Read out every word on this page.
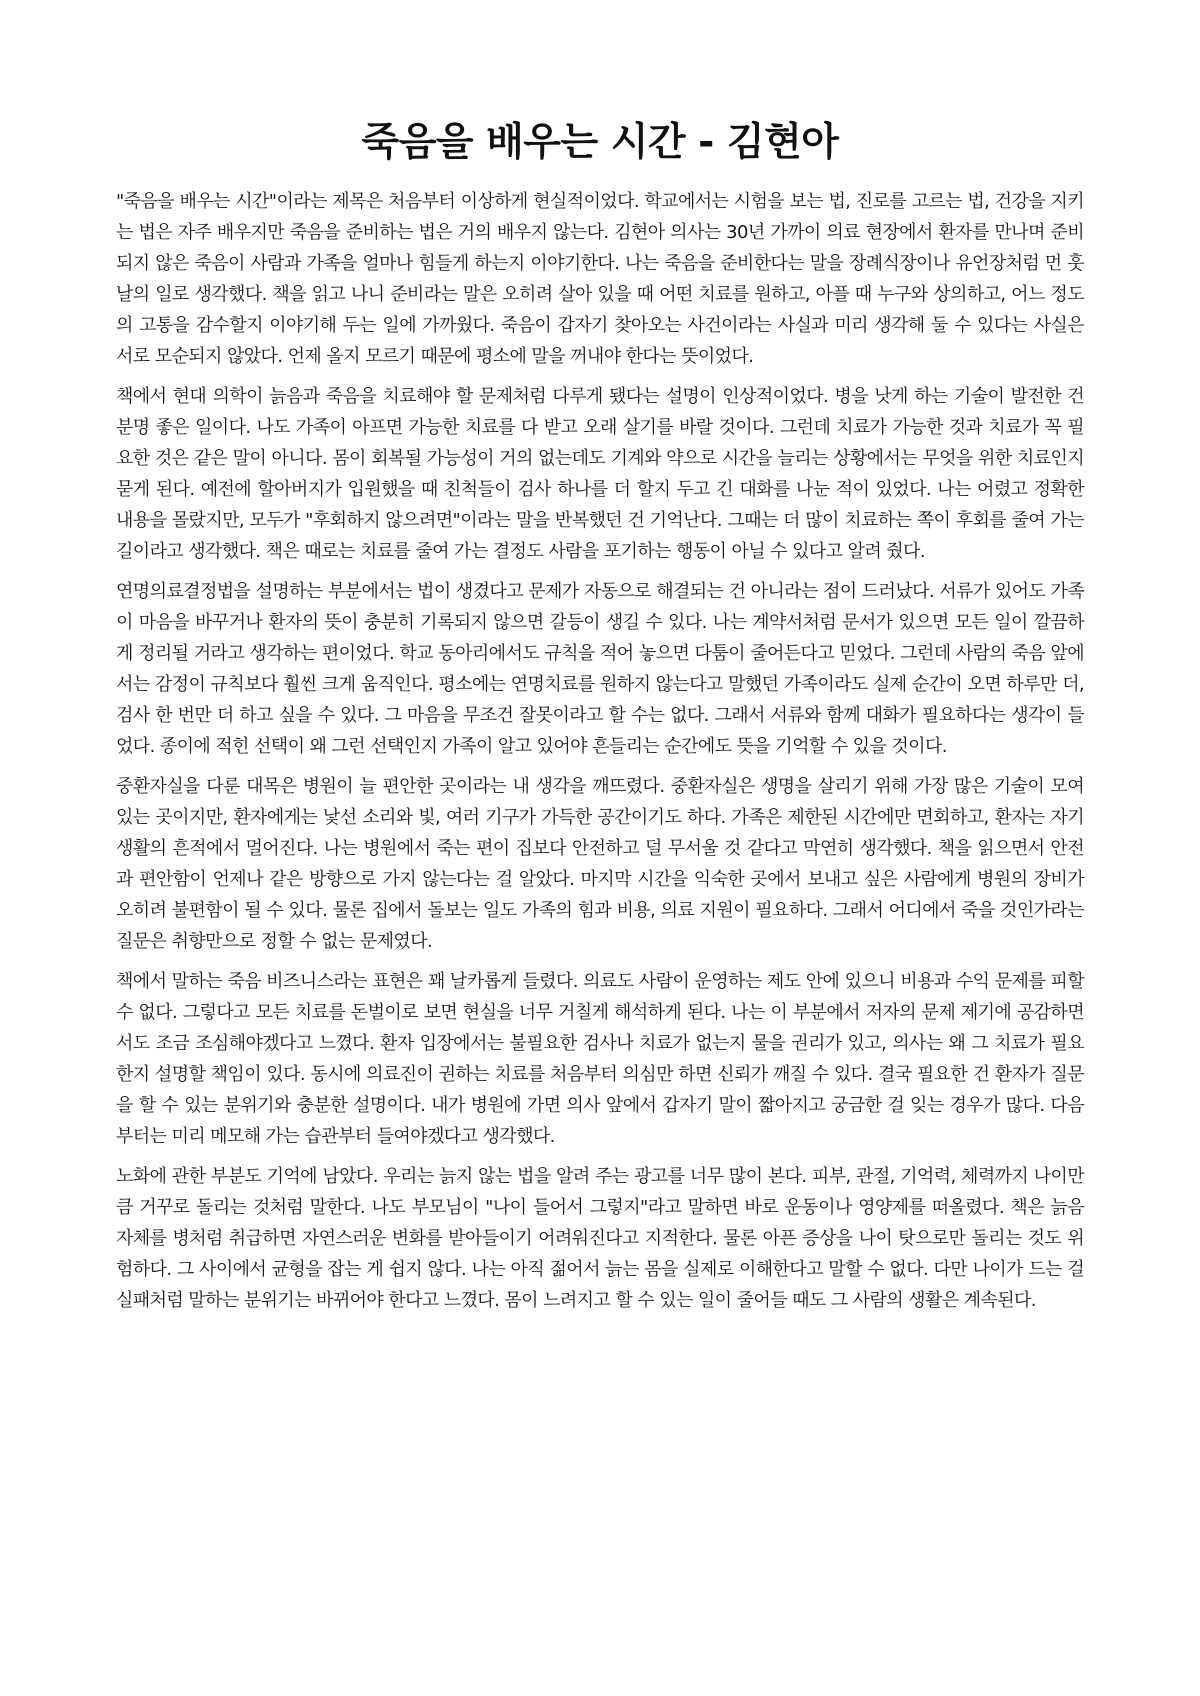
죽음을 배우는 시간 - 김현아

"죽음을 배우는 시간"이라는 제목은 처음부터 이상하게 현실적이었다. 학교에서는 시험을 보는 법, 진로를 고르는 법, 건강을 지키는 법은 자주 배우지만 죽음을 준비하는 법은 거의 배우지 않는다. 김현아 의사는 30년 가까이 의료 현장에서 환자를 만나며 준비되지 않은 죽음이 사람과 가족을 얼마나 힘들게 하는지 이야기한다. 나는 죽음을 준비한다는 말을 장례식장이나 유언장처럼 먼 훗날의 일로 생각했다. 책을 읽고 나니 준비라는 말은 오히려 살아 있을 때 어떤 치료를 원하고, 아플 때 누구와 상의하고, 어느 정도의 고통을 감수할지 이야기해 두는 일에 가까웠다. 죽음이 갑자기 찾아오는 사건이라는 사실과 미리 생각해 둘 수 있다는 사실은 서로 모순되지 않았다. 언제 올지 모르기 때문에 평소에 말을 꺼내야 한다는 뜻이었다.

책에서 현대 의학이 늙음과 죽음을 치료해야 할 문제처럼 다루게 됐다는 설명이 인상적이었다. 병을 낫게 하는 기술이 발전한 건 분명 좋은 일이다. 나도 가족이 아프면 가능한 치료를 다 받고 오래 살기를 바랄 것이다. 그런데 치료가 가능한 것과 치료가 꼭 필요한 것은 같은 말이 아니다. 몸이 회복될 가능성이 거의 없는데도 기계와 약으로 시간을 늘리는 상황에서는 무엇을 위한 치료인지 묻게 된다. 예전에 할아버지가 입원했을 때 친척들이 검사 하나를 더 할지 두고 긴 대화를 나눈 적이 있었다. 나는 어렸고 정확한 내용을 몰랐지만, 모두가 "후회하지 않으려면"이라는 말을 반복했던 건 기억난다. 그때는 더 많이 치료하는 쪽이 후회를 줄여 가는 길이라고 생각했다. 책은 때로는 치료를 줄여 가는 결정도 사람을 포기하는 행동이 아닐 수 있다고 알려 줬다.

연명의료결정법을 설명하는 부분에서는 법이 생겼다고 문제가 자동으로 해결되는 건 아니라는 점이 드러났다. 서류가 있어도 가족이 마음을 바꾸거나 환자의 뜻이 충분히 기록되지 않으면 갈등이 생길 수 있다. 나는 계약서처럼 문서가 있으면 모든 일이 깔끔하게 정리될 거라고 생각하는 편이었다. 학교 동아리에서도 규칙을 적어 놓으면 다툼이 줄어든다고 믿었다. 그런데 사람의 죽음 앞에서는 감정이 규칙보다 훨씬 크게 움직인다. 평소에는 연명치료를 원하지 않는다고 말했던 가족이라도 실제 순간이 오면 하루만 더, 검사 한 번만 더 하고 싶을 수 있다. 그 마음을 무조건 잘못이라고 할 수는 없다. 그래서 서류와 함께 대화가 필요하다는 생각이 들었다. 종이에 적힌 선택이 왜 그런 선택인지 가족이 알고 있어야 흔들리는 순간에도 뜻을 기억할 수 있을 것이다.

중환자실을 다룬 대목은 병원이 늘 편안한 곳이라는 내 생각을 깨뜨렸다. 중환자실은 생명을 살리기 위해 가장 많은 기술이 모여 있는 곳이지만, 환자에게는 낯선 소리와 빛, 여러 기구가 가득한 공간이기도 하다. 가족은 제한된 시간에만 면회하고, 환자는 자기 생활의 흔적에서 멀어진다. 나는 병원에서 죽는 편이 집보다 안전하고 덜 무서울 것 같다고 막연히 생각했다. 책을 읽으면서 안전과 편안함이 언제나 같은 방향으로 가지 않는다는 걸 알았다. 마지막 시간을 익숙한 곳에서 보내고 싶은 사람에게 병원의 장비가 오히려 불편함이 될 수 있다. 물론 집에서 돌보는 일도 가족의 힘과 비용, 의료 지원이 필요하다. 그래서 어디에서 죽을 것인가라는 질문은 취향만으로 정할 수 없는 문제였다.

책에서 말하는 죽음 비즈니스라는 표현은 꽤 날카롭게 들렸다. 의료도 사람이 운영하는 제도 안에 있으니 비용과 수익 문제를 피할 수 없다. 그렇다고 모든 치료를 돈벌이로 보면 현실을 너무 거칠게 해석하게 된다. 나는 이 부분에서 저자의 문제 제기에 공감하면서도 조금 조심해야겠다고 느꼈다. 환자 입장에서는 불필요한 검사나 치료가 없는지 물을 권리가 있고, 의사는 왜 그 치료가 필요한지 설명할 책임이 있다. 동시에 의료진이 권하는 치료를 처음부터 의심만 하면 신뢰가 깨질 수 있다. 결국 필요한 건 환자가 질문을 할 수 있는 분위기와 충분한 설명이다. 내가 병원에 가면 의사 앞에서 갑자기 말이 짧아지고 궁금한 걸 잊는 경우가 많다. 다음부터는 미리 메모해 가는 습관부터 들여야겠다고 생각했다.

노화에 관한 부분도 기억에 남았다. 우리는 늙지 않는 법을 알려 주는 광고를 너무 많이 본다. 피부, 관절, 기억력, 체력까지 나이만큼 거꾸로 돌리는 것처럼 말한다. 나도 부모님이 "나이 들어서 그렇지"라고 말하면 바로 운동이나 영양제를 떠올렸다. 책은 늙음 자체를 병처럼 취급하면 자연스러운 변화를 받아들이기 어려워진다고 지적한다. 물론 아픈 증상을 나이 탓으로만 돌리는 것도 위험하다. 그 사이에서 균형을 잡는 게 쉽지 않다. 나는 아직 젊어서 늙는 몸을 실제로 이해한다고 말할 수 없다. 다만 나이가 드는 걸 실패처럼 말하는 분위기는 바뀌어야 한다고 느꼈다. 몸이 느려지고 할 수 있는 일이 줄어들 때도 그 사람의 생활은 계속된다.
